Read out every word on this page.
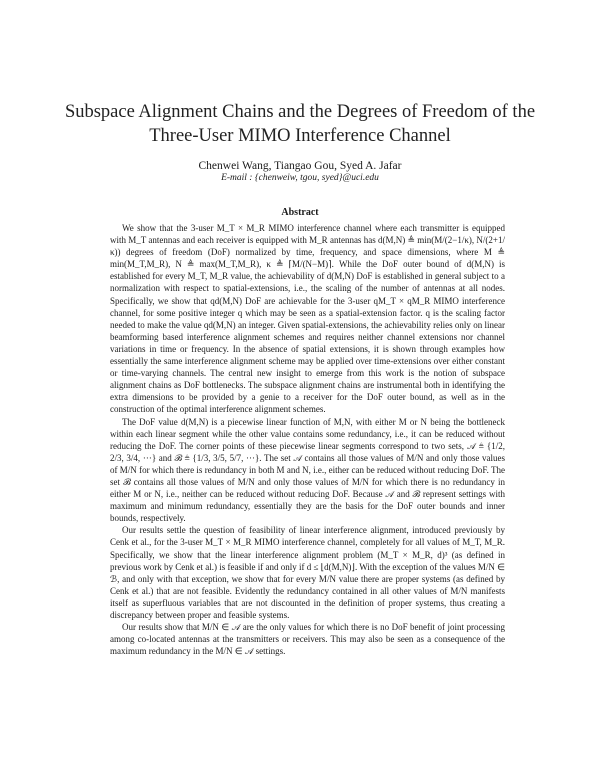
Subspace Alignment Chains and the Degrees of Freedom of the
Three-User MIMO Interference Channel
Chenwei Wang, Tiangao Gou, Syed A. Jafar
E-mail : {chenweiw, tgou, syed}@uci.edu
Abstract

We show that the 3-user M_T × M_R MIMO interference channel where each transmitter is equipped with M_T antennas and each receiver is equipped with M_R antennas has d(M,N) ≜ min(M/(2−1/κ), N/(2+1/κ)) degrees of freedom (DoF) normalized by time, frequency, and space dimensions, where M ≜ min(M_T,M_R), N ≜ max(M_T,M_R), κ ≜ ⌈M/(N−M)⌉. While the DoF outer bound of d(M,N) is established for every M_T, M_R value, the achievability of d(M,N) DoF is established in general subject to a normalization with respect to spatial-extensions, i.e., the scaling of the number of antennas at all nodes. Specifically, we show that qd(M,N) DoF are achievable for the 3-user qM_T × qM_R MIMO interference channel, for some positive integer q which may be seen as a spatial-extension factor. q is the scaling factor needed to make the value qd(M,N) an integer. Given spatial-extensions, the achievability relies only on linear beamforming based interference alignment schemes and requires neither channel extensions nor channel variations in time or frequency. In the absence of spatial extensions, it is shown through examples how essentially the same interference alignment scheme may be applied over time-extensions over either constant or time-varying channels. The central new insight to emerge from this work is the notion of subspace alignment chains as DoF bottlenecks. The subspace alignment chains are instrumental both in identifying the extra dimensions to be provided by a genie to a receiver for the DoF outer bound, as well as in the construction of the optimal interference alignment schemes.

The DoF value d(M,N) is a piecewise linear function of M,N, with either M or N being the bottleneck within each linear segment while the other value contains some redundancy, i.e., it can be reduced without reducing the DoF. The corner points of these piecewise linear segments correspond to two sets, 𝒜 ≜ {1/2, 2/3, 3/4, ···} and ℬ ≜ {1/3, 3/5, 5/7, ···}. The set 𝒜 contains all those values of M/N and only those values of M/N for which there is redundancy in both M and N, i.e., either can be reduced without reducing DoF. The set ℬ contains all those values of M/N and only those values of M/N for which there is no redundancy in either M or N, i.e., neither can be reduced without reducing DoF. Because 𝒜 and ℬ represent settings with maximum and minimum redundancy, essentially they are the basis for the DoF outer bounds and inner bounds, respectively.

Our results settle the question of feasibility of linear interference alignment, introduced previously by Cenk et al., for the 3-user M_T × M_R MIMO interference channel, completely for all values of M_T, M_R. Specifically, we show that the linear interference alignment problem (M_T × M_R, d)³ (as defined in previous work by Cenk et al.) is feasible if and only if d ≤ ⌊d(M,N)⌋. With the exception of the values M/N ∈ ℬ, and only with that exception, we show that for every M/N value there are proper systems (as defined by Cenk et al.) that are not feasible. Evidently the redundancy contained in all other values of M/N manifests itself as superfluous variables that are not discounted in the definition of proper systems, thus creating a discrepancy between proper and feasible systems.

Our results show that M/N ∈ 𝒜 are the only values for which there is no DoF benefit of joint processing among co-located antennas at the transmitters or receivers. This may also be seen as a consequence of the maximum redundancy in the M/N ∈ 𝒜 settings.
